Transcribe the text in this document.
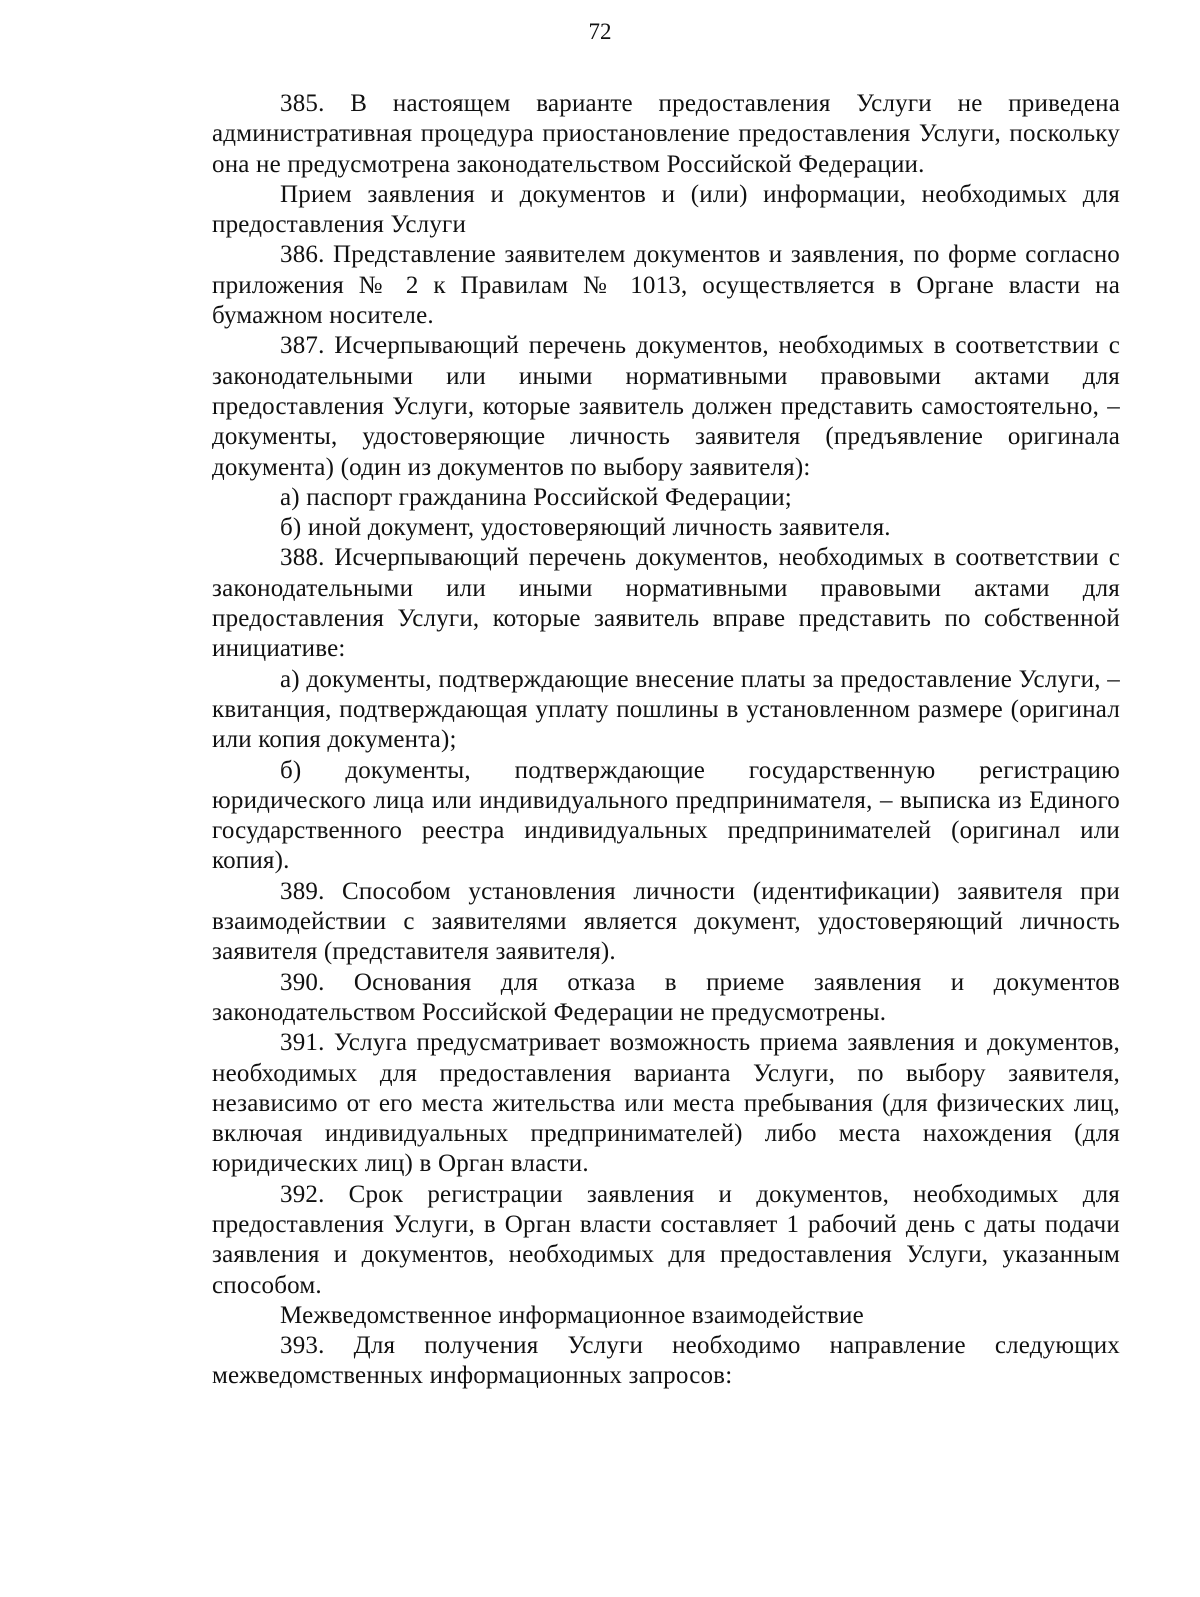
72

385. В настоящем варианте предоставления Услуги не приведена административная процедура приостановление предоставления Услуги, поскольку она не предусмотрена законодательством Российской Федерации.

Прием заявления и документов и (или) информации, необходимых для предоставления Услуги

386. Представление заявителем документов и заявления, по форме согласно приложения № 2 к Правилам № 1013, осуществляется в Органе власти на бумажном носителе.

387. Исчерпывающий перечень документов, необходимых в соответствии с законодательными или иными нормативными правовыми актами для предоставления Услуги, которые заявитель должен представить самостоятельно, – документы, удостоверяющие личность заявителя (предъявление оригинала документа) (один из документов по выбору заявителя):

а) паспорт гражданина Российской Федерации;

б) иной документ, удостоверяющий личность заявителя.

388. Исчерпывающий перечень документов, необходимых в соответствии с законодательными или иными нормативными правовыми актами для предоставления Услуги, которые заявитель вправе представить по собственной инициативе:

а) документы, подтверждающие внесение платы за предоставление Услуги, – квитанция, подтверждающая уплату пошлины в установленном размере (оригинал или копия документа);

б) документы, подтверждающие государственную регистрацию юридического лица или индивидуального предпринимателя, – выписка из Единого государственного реестра индивидуальных предпринимателей (оригинал или копия).

389. Способом установления личности (идентификации) заявителя при взаимодействии с заявителями является документ, удостоверяющий личность заявителя (представителя заявителя).

390. Основания для отказа в приеме заявления и документов законодательством Российской Федерации не предусмотрены.

391. Услуга предусматривает возможность приема заявления и документов, необходимых для предоставления варианта Услуги, по выбору заявителя, независимо от его места жительства или места пребывания (для физических лиц, включая индивидуальных предпринимателей) либо места нахождения (для юридических лиц) в Орган власти.

392. Срок регистрации заявления и документов, необходимых для предоставления Услуги, в Орган власти составляет 1 рабочий день с даты подачи заявления и документов, необходимых для предоставления Услуги, указанным способом.

Межведомственное информационное взаимодействие

393. Для получения Услуги необходимо направление следующих межведомственных информационных запросов:
